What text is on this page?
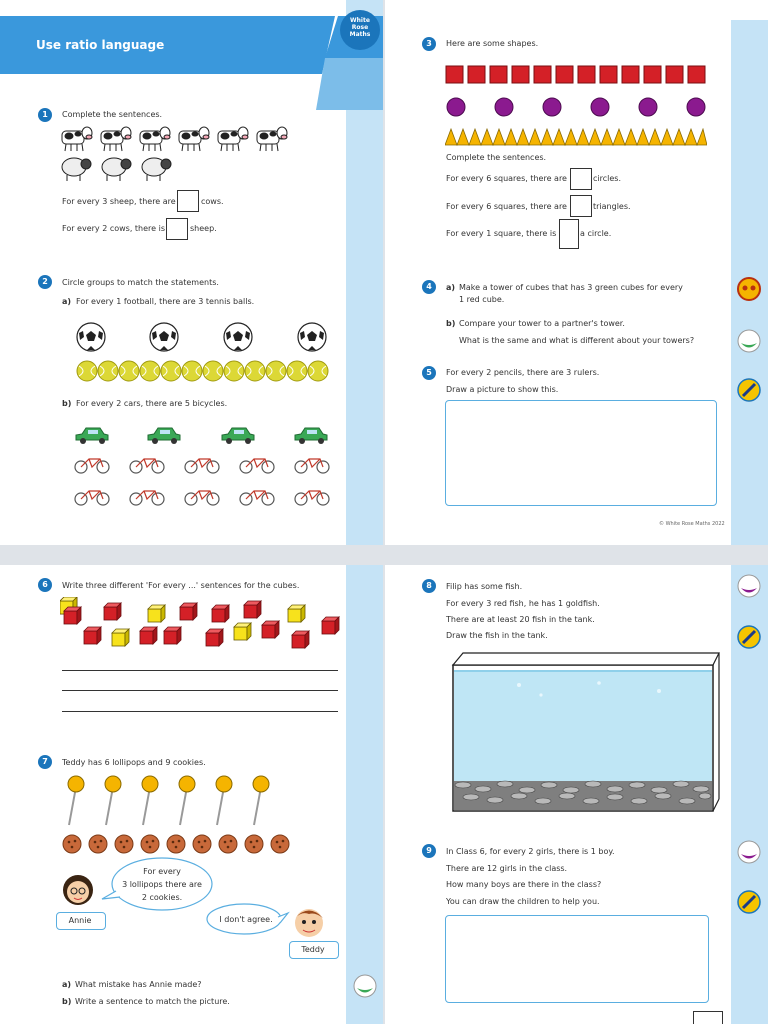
Use ratio language
White
Rose
Maths
1	Complete the sentences.
For every 3 sheep, there are	cows.
For every 2 cows, there is	sheep.
2	Circle groups to match the statements.
a) For every 1 football, there are 3 tennis balls.
b) For every 2 cars, there are 5 bicycles.
3	Here are some shapes.
Complete the sentences.
For every 6 squares, there are	circles.
For every 6 squares, there are	triangles.
For every 1 square, there is	a circle.
4	a) Make a tower of cubes that has 3 green cubes for every
1 red cube.
b) Compare your tower to a partner's tower.
What is the same and what is different about your towers?
5	For every 2 pencils, there are 3 rulers.
Draw a picture to show this.
© White Rose Maths 2022
6	Write three different 'For every ...' sentences for the cubes.
7	Teddy has 6 lollipops and 9 cookies.
For every
3 lollipops there are
2 cookies.
Annie	I don't agree.
Teddy
a) What mistake has Annie made?
b) Write a sentence to match the picture.
8	Filip has some fish.
For every 3 red fish, he has 1 goldfish.
There are at least 20 fish in the tank.
Draw the fish in the tank.
9	In Class 6, for every 2 girls, there is 1 boy.
There are 12 girls in the class.
How many boys are there in the class?
You can draw the children to help you.
